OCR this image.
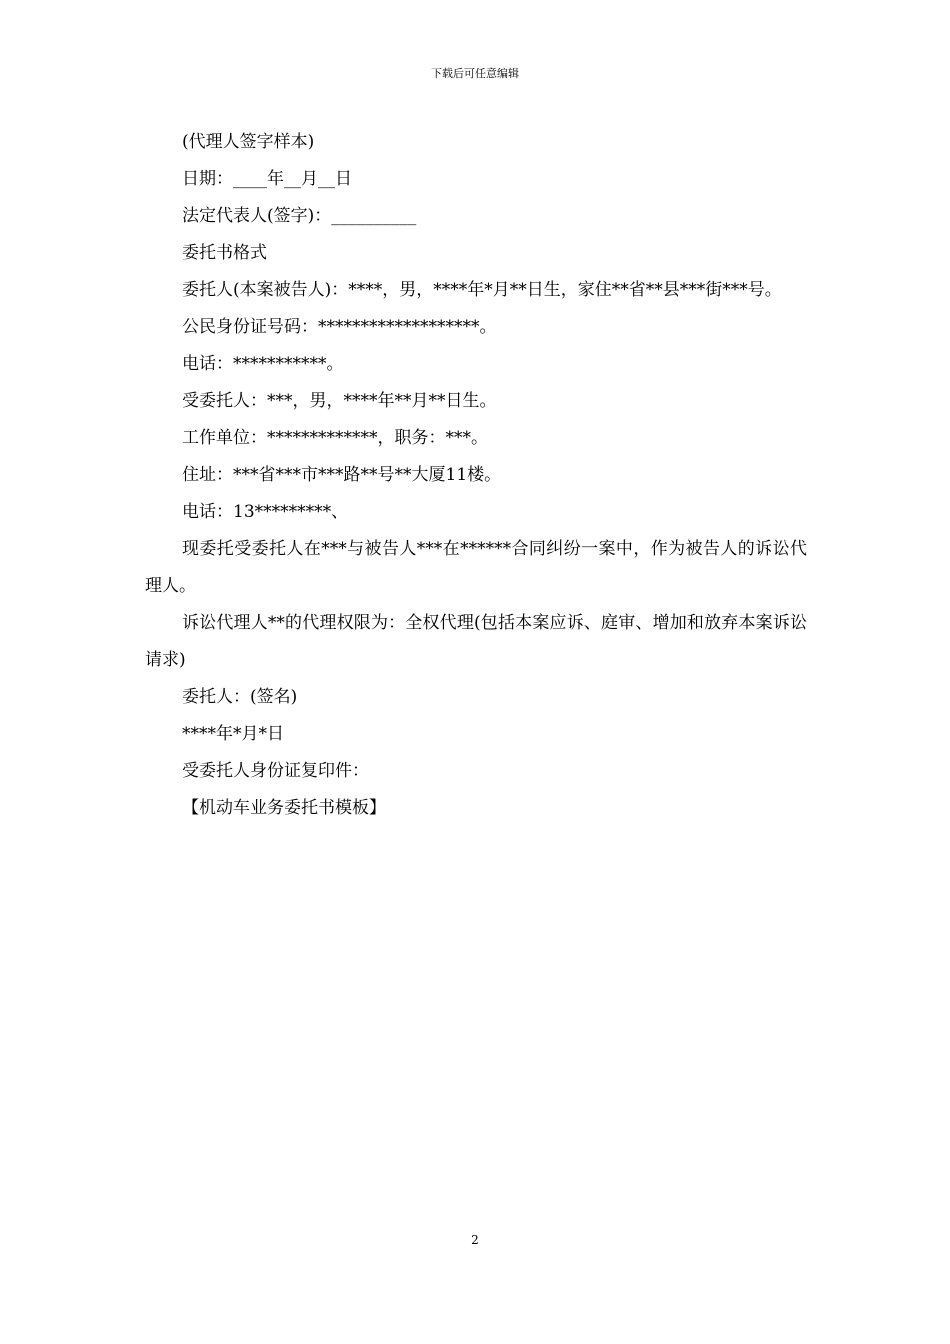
下载后可任意编辑

(代理人签字样本)

日期：____年__月__日

法定代表人(签字)：__________

委托书格式

委托人(本案被告人)：****，男，****年*月**日生，家住**省**县***街***号。

公民身份证号码：*******************。

电话：***********。

受委托人：***，男，****年**月**日生。

工作单位：*************，职务：***。

住址：***省***市***路**号**大厦11楼。

电话：13*********、

现委托受委托人在***与被告人***在******合同纠纷一案中，作为被告人的诉讼代理人。

诉讼代理人**的代理权限为：全权代理(包括本案应诉、庭审、增加和放弃本案诉讼请求)

委托人：(签名)

****年*月*日

受委托人身份证复印件：

【机动车业务委托书模板】

2
